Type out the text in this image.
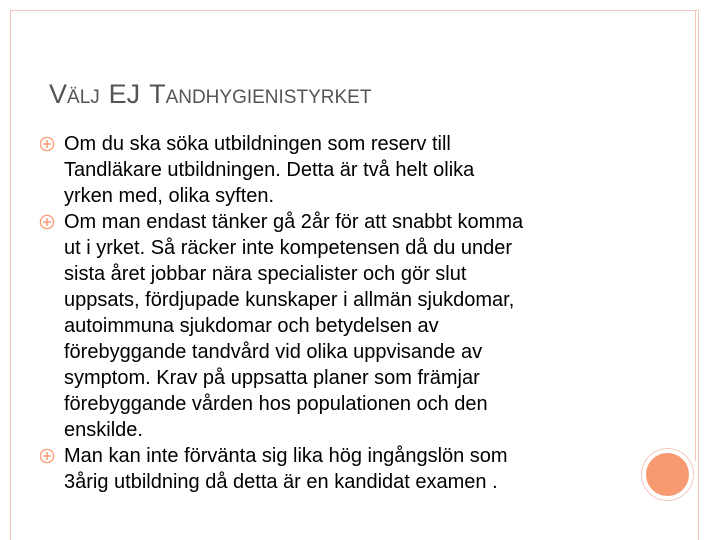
VÄLJ EJ TANDHYGIENISTYRKET
Om du ska söka utbildningen som reserv till
Tandläkare utbildningen. Detta är två helt olika
yrken med, olika syften.
Om man endast tänker gå 2år för att snabbt komma
ut i yrket. Så räcker inte kompetensen då du under
sista året jobbar nära specialister och gör slut
uppsats, fördjupade kunskaper i allmän sjukdomar,
autoimmuna sjukdomar och betydelsen av
förebyggande tandvård vid olika uppvisande av
symptom. Krav på uppsatta planer som främjar
förebyggande vården hos populationen och den
enskilde.
Man kan inte förvänta sig lika hög ingångslön som
3årig utbildning då detta är en kandidat examen .
